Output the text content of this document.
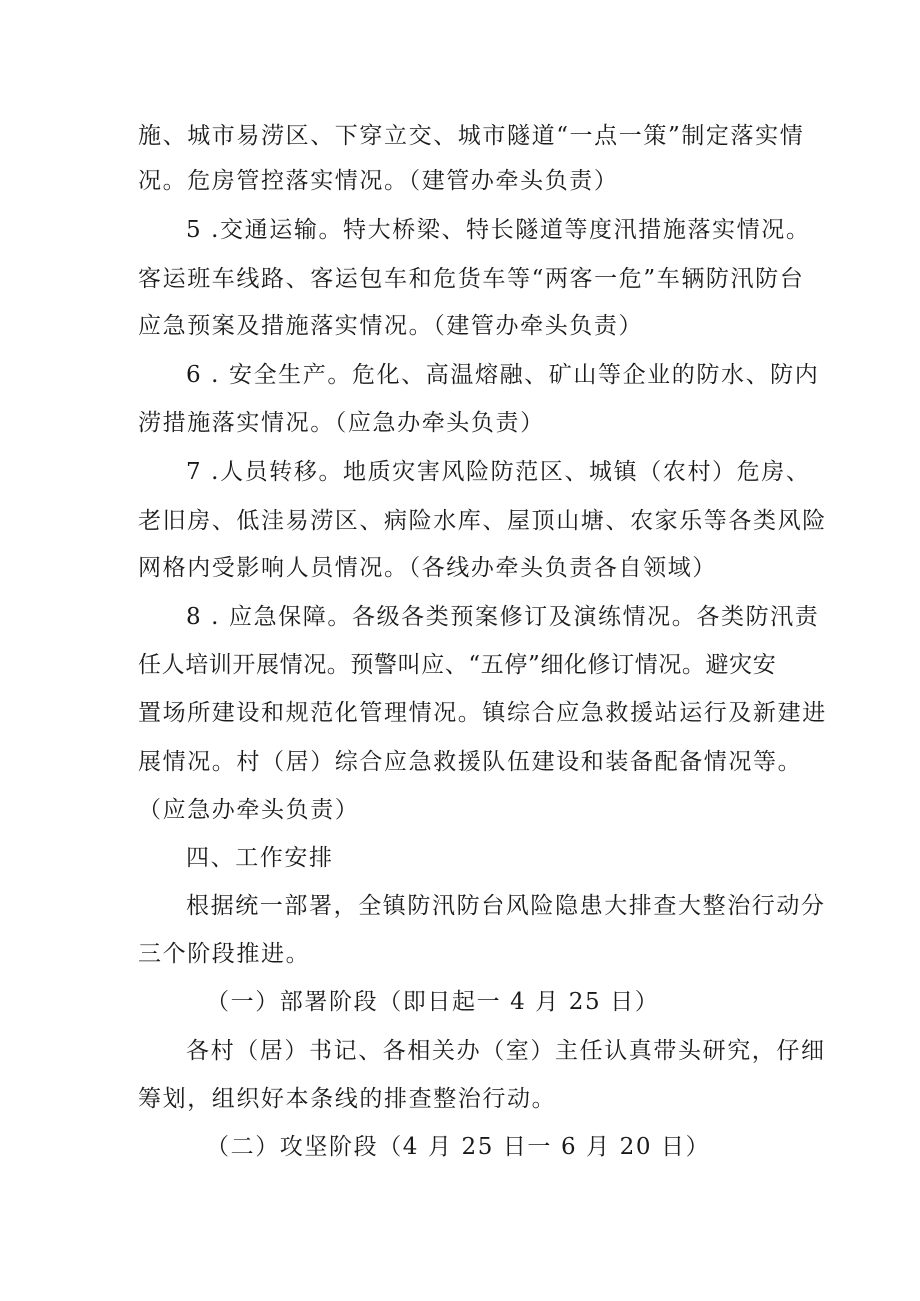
施、城市易涝区、下穿立交、城市隧道“一点一策”制定落实情
况。危房管控落实情况。（建管办牵头负责）
5 .交通运输。特大桥梁、特长隧道等度汛措施落实情况。
客运班车线路、客运包车和危货车等“两客一危”车辆防汛防台
应急预案及措施落实情况。（建管办牵头负责）
6 . 安全生产。危化、高温熔融、矿山等企业的防水、防内
涝措施落实情况。（应急办牵头负责）
7 .人员转移。地质灾害风险防范区、城镇（农村）危房、
老旧房、低洼易涝区、病险水库、屋顶山塘、农家乐等各类风险
网格内受影响人员情况。（各线办牵头负责各自领域）
8 . 应急保障。各级各类预案修订及演练情况。各类防汛责
任人培训开展情况。预警叫应、“五停”细化修订情况。避灾安
置场所建设和规范化管理情况。镇综合应急救援站运行及新建进
展情况。村（居）综合应急救援队伍建设和装备配备情况等。
（应急办牵头负责）
四、工作安排
根据统一部署，全镇防汛防台风险隐患大排查大整治行动分
三个阶段推进。
（一）部署阶段（即日起一 4 月 25 日）
各村（居）书记、各相关办（室）主任认真带头研究，仔细
筹划，组织好本条线的排查整治行动。
（二）攻坚阶段（4 月 25 日一 6 月 20 日）
